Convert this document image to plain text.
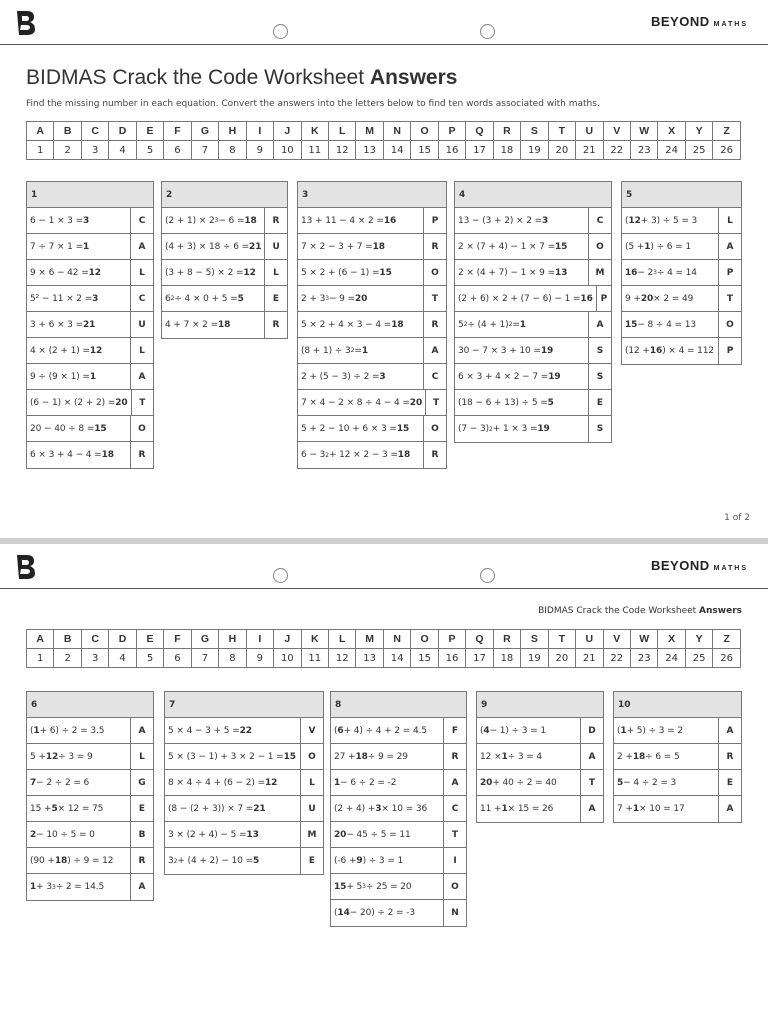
BEYOND MATHS
BIDMAS Crack the Code Worksheet Answers
Find the missing number in each equation. Convert the answers into the letters below to find ten words associated with maths.
A	B	C	D	E	F	G	H	I	J	K	L	M	N	O	P	Q	R	S	T	U	V	W	X	Y	Z
1	2	3	4	5	6	7	8	9	10	11	12	13	14	15	16	17	18	19	20	21	22	23	24	25	26
1
6 − 1 × 3 = 3	C
7 ÷ 7 × 1 = 1	A
9 × 6 − 42 = 12	L
5² − 11 × 2 = 3	C
3 + 6 × 3 = 21	U
4 × (2 + 1) = 12	L
9 ÷ (9 × 1) = 1	A
(6 − 1) × (2 + 2) = 20	T
20 − 40 ÷ 8 = 15	O
6 × 3 + 4 − 4 = 18	R
2
(2 + 1) × 2 3 − 6 = 18	R
(4 + 3) × 18 ÷ 6 = 21	U
(3 + 8 − 5) × 2 = 12	L
6 2 ÷ 4 × 0 + 5 = 5	E
4 + 7 × 2 = 18	R
3
13 + 11 − 4 × 2 = 16	P
7 × 2 − 3 + 7 = 18	R
5 × 2 + (6 − 1) = 15	O
2 + 3 3 − 9 = 20	T
5 × 2 + 4 × 3 − 4 = 18	R
(8 + 1) ÷ 3 2 = 1	A
2 + (5 − 3) ÷ 2 = 3	C
7 × 4 − 2 × 8 ÷ 4 − 4 = 20	T
5 + 2 − 10 + 6 × 3 = 15	O
6 − 3 2 + 12 × 2 − 3 = 18	R
4
13 − (3 + 2) × 2 = 3	C
2 × (7 + 4) − 1 × 7 = 15	O
2 × (4 + 7) − 1 × 9 = 13	M
(2 + 6) × 2 + (7 − 6) − 1 = 16 P
5 2 ÷ (4 + 1) 2 = 1	A
30 − 7 × 3 + 10 = 19	S
6 × 3 + 4 × 2 − 7 = 19	S
(18 − 6 + 13) ÷ 5 = 5	E
(7 − 3) 2 + 1 × 3 = 19	S
5
( 12 + 3) ÷ 5 = 3	L
(5 + 1 ) ÷ 6 = 1	A
16 − 2 3 ÷ 4 = 14	P
9 + 20 × 2 = 49	T
15 − 8 ÷ 4 = 13	O
(12 + 16 ) × 4 = 112	P
1 of 2
BEYOND MATHS
BIDMAS Crack the Code Worksheet Answers
A	B	C	D	E	F	G	H	I	J	K	L	M	N	O	P	Q	R	S	T	U	V	W	X	Y	Z
1	2	3	4	5	6	7	8	9	10	11	12	13	14	15	16	17	18	19	20	21	22	23	24	25	26
6
( 1 + 6) ÷ 2 = 3.5	A
5 + 12 ÷ 3 = 9	L
7 − 2 ÷ 2 = 6	G
15 + 5 × 12 = 75	E
2 − 10 ÷ 5 = 0	B
(90 + 18 ) ÷ 9 = 12	R
1 + 3 3 ÷ 2 = 14.5	A
7
5 × 4 − 3 + 5 = 22	V
5 × (3 − 1) + 3 × 2 − 1 = 15	O
8 × 4 ÷ 4 + (6 − 2) = 12	L
(8 − (2 + 3)) × 7 = 21	U
3 × (2 + 4) − 5 = 13	M
3 2 + (4 + 2) − 10 = 5	E
8
( 6 + 4) ÷ 4 + 2 = 4.5	F
27 + 18 ÷ 9 = 29	R
1 − 6 ÷ 2 = -2	A
(2 + 4) + 3 × 10 = 36	C
20 − 45 ÷ 5 = 11	T
(-6 + 9 ) ÷ 3 = 1	I
15 + 5 3 ÷ 25 = 20	O
( 14 − 20) ÷ 2 = -3	N
9
( 4 − 1) ÷ 3 = 1	D
12 × 1 ÷ 3 = 4	A
20 + 40 ÷ 2 = 40	T
11 + 1 × 15 = 26	A
10
( 1 + 5) ÷ 3 = 2	A
2 + 18 ÷ 6 = 5	R
5 − 4 ÷ 2 = 3	E
7 + 1 × 10 = 17	A
